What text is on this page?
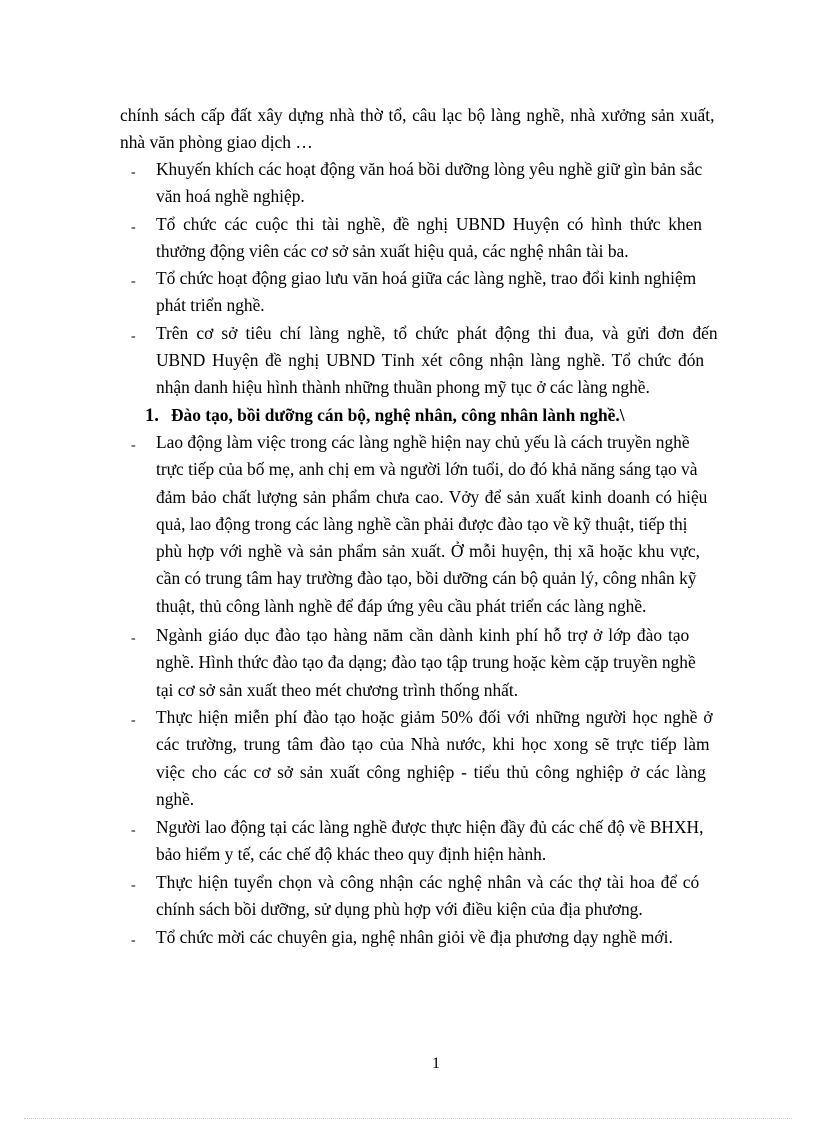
chính sách cấp đất xây dựng nhà thờ tổ, câu lạc bộ làng nghề, nhà xưởng sản xuất,
nhà văn phòng giao dịch …
- Khuyến khích các hoạt động văn hoá bồi dưỡng lòng yêu nghề giữ gìn bản sắc
văn hoá nghề nghiệp.
- Tổ chức các cuộc thi tài nghề, đề nghị UBND Huyện có hình thức khen
thưởng động viên các cơ sở sản xuất hiệu quả, các nghệ nhân tài ba.
- Tổ chức hoạt động giao lưu văn hoá giữa các làng nghề, trao đổi kinh nghiệm
phát triển nghề.
- Trên cơ sở tiêu chí làng nghề, tổ chức phát động thi đua, và gửi đơn đến
UBND Huyện đề nghị UBND Tỉnh xét công nhận làng nghề. Tổ chức đón
nhận danh hiệu hình thành những thuần phong mỹ tục ở các làng nghề.
1. Đào tạo, bồi dưỡng cán bộ, nghệ nhân, công nhân lành nghề.\
- Lao động làm việc trong các làng nghề hiện nay chủ yếu là cách truyền nghề
trực tiếp của bố mẹ, anh chị em và người lớn tuổi, do đó khả năng sáng tạo và
đảm bảo chất lượng sản phẩm chưa cao. Vởy để sản xuất kinh doanh có hiệu
quả, lao động trong các làng nghề cần phải được đào tạo về kỹ thuật, tiếp thị
phù hợp với nghề và sản phẩm sản xuất. Ở mỗi huyện, thị xã hoặc khu vực,
cần có trung tâm hay trường đào tạo, bồi dưỡng cán bộ quản lý, công nhân kỹ
thuật, thủ công lành nghề để đáp ứng yêu cầu phát triển các làng nghề.
- Ngành giáo dục đào tạo hàng năm cần dành kinh phí hỗ trợ ở lớp đào tạo
nghề. Hình thức đào tạo đa dạng; đào tạo tập trung hoặc kèm cặp truyền nghề
tại cơ sở sản xuất theo mét chương trình thống nhất.
- Thực hiện miễn phí đào tạo hoặc giảm 50% đối với những người học nghề ở
các trường, trung tâm đào tạo của Nhà nước, khi học xong sẽ trực tiếp làm
việc cho các cơ sở sản xuất công nghiệp - tiểu thủ công nghiệp ở các làng
nghề.
- Người lao động tại các làng nghề được thực hiện đầy đủ các chế độ về BHXH,
bảo hiểm y tế, các chế độ khác theo quy định hiện hành.
- Thực hiện tuyển chọn và công nhận các nghệ nhân và các thợ tài hoa để có
chính sách bồi dưỡng, sử dụng phù hợp với điều kiện của địa phương.
- Tổ chức mời các chuyên gia, nghệ nhân giỏi về địa phương dạy nghề mới.
1
